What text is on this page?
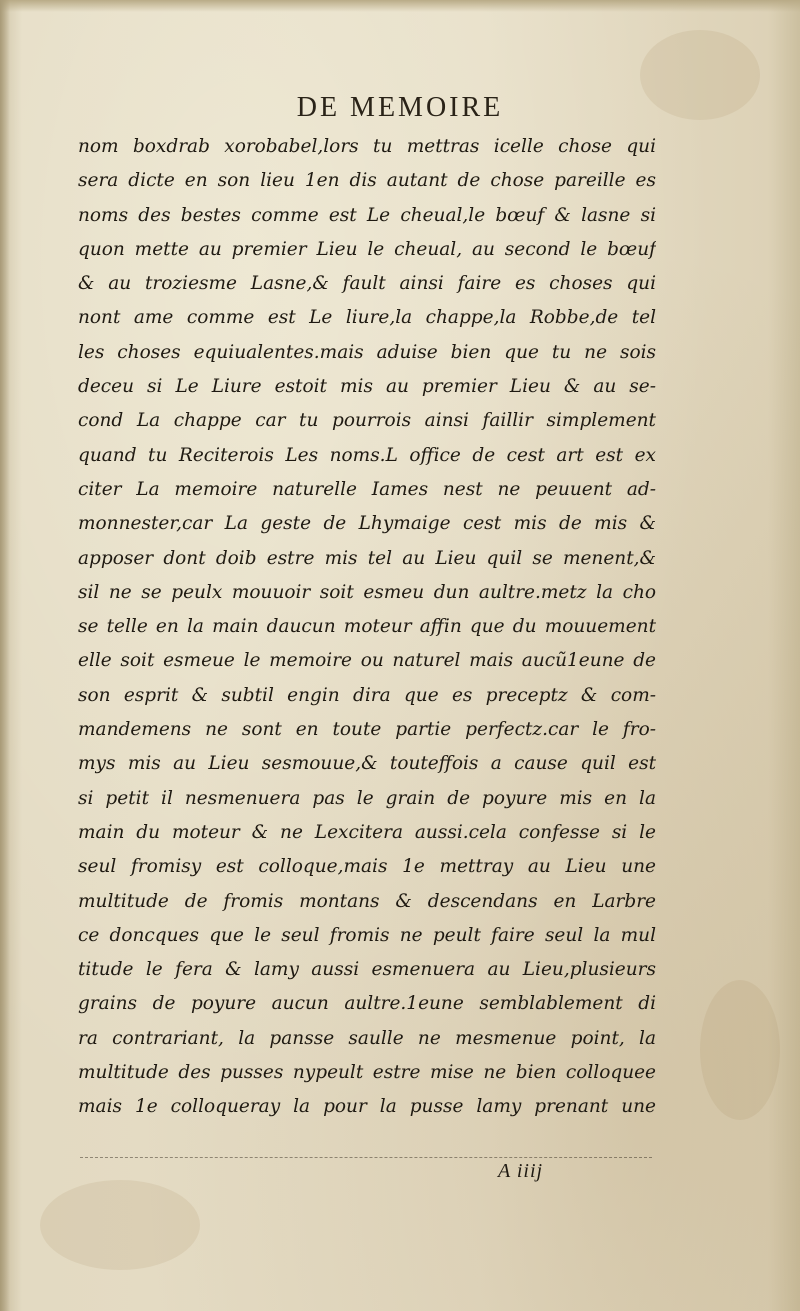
DE MEMOIRE
nom boxdrab xorobabel,lors tu mettras icelle chose qui
sera dicte en son lieu 1en dis autant de chose pareille es
noms des bestes comme est Le cheual,le bœuf & lasne si
quon mette au premier Lieu le cheual, au second le bœuf
& au troziesme Lasne,& fault ainsi faire es choses qui
nont ame comme est Le liure,la chappe,la Robbe,de tel
les choses equiualentes.mais aduise bien que tu ne sois
deceu si Le Liure estoit mis au premier Lieu & au se-
cond La chappe car tu pourrois ainsi faillir simplement
quand tu Reciterois Les noms.L office de cest art est ex
citer La memoire naturelle Iames nest ne peuuent ad-
monnester,car La geste de Lhymaige cest mis de mis &
apposer dont doib estre mis tel au Lieu quil se menent,&
sil ne se peulx mouuoir soit esmeu dun aultre.metz la cho
se telle en la main daucun moteur affin que du mouuement
elle soit esmeue le memoire ou naturel mais aucũ1eune de
son esprit & subtil engin dira que es preceptz & com-
mandemens ne sont en toute partie perfectz.car le fro-
mys mis au Lieu sesmouue,& touteffois a cause quil est
si petit il nesmenuera pas le grain de poyure mis en la
main du moteur & ne Lexcitera aussi.cela confesse si le
seul fromisy est colloque,mais 1e mettray au Lieu une
multitude de fromis montans & descendans en Larbre
ce doncques que le seul fromis ne peult faire seul la mul
titude le fera & lamy aussi esmenuera au Lieu,plusieurs
grains de poyure aucun aultre.1eune semblablement di
ra contrariant, la pansse saulle ne mesmenue point, la
multitude des pusses nypeult estre mise ne bien colloquee
mais 1e colloqueray la pour la pusse lamy prenant une
A iiij
